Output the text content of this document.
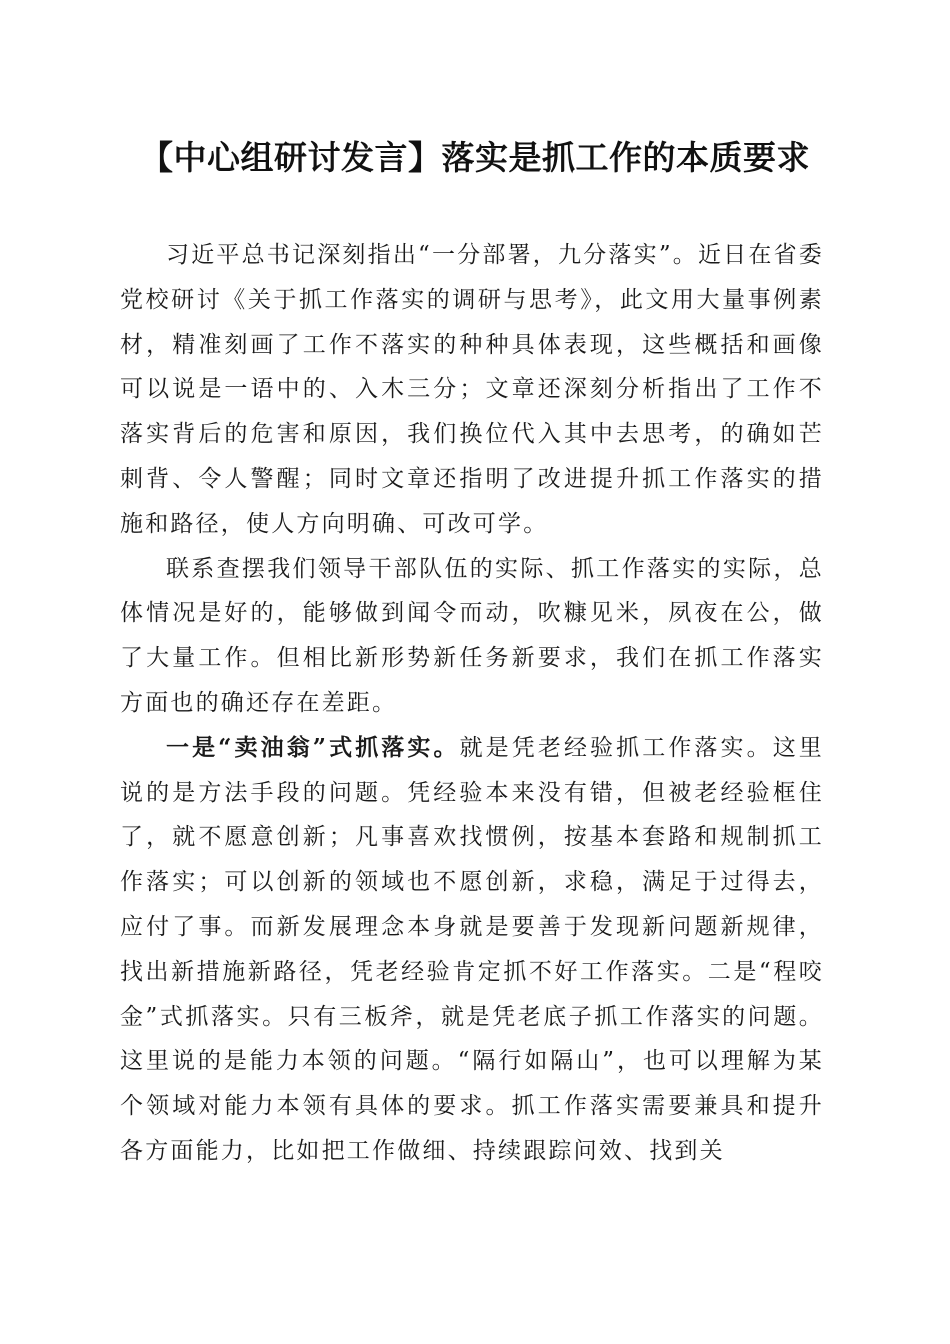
【中心组研讨发言】落实是抓工作的本质要求

习近平总书记深刻指出“一分部署，九分落实”。近日在省委党校研讨《关于抓工作落实的调研与思考》，此文用大量事例素材，精准刻画了工作不落实的种种具体表现，这些概括和画像可以说是一语中的、入木三分；文章还深刻分析指出了工作不落实背后的危害和原因，我们换位代入其中去思考，的确如芒刺背、令人警醒；同时文章还指明了改进提升抓工作落实的措施和路径，使人方向明确、可改可学。

联系查摆我们领导干部队伍的实际、抓工作落实的实际，总体情况是好的，能够做到闻令而动，吹糠见米，夙夜在公，做了大量工作。但相比新形势新任务新要求，我们在抓工作落实方面也的确还存在差距。

一是“卖油翁”式抓落实。就是凭老经验抓工作落实。这里说的是方法手段的问题。凭经验本来没有错，但被老经验框住了，就不愿意创新；凡事喜欢找惯例，按基本套路和规制抓工作落实；可以创新的领域也不愿创新，求稳，满足于过得去，应付了事。而新发展理念本身就是要善于发现新问题新规律，找出新措施新路径，凭老经验肯定抓不好工作落实。二是“程咬金”式抓落实。只有三板斧，就是凭老底子抓工作落实的问题。这里说的是能力本领的问题。“隔行如隔山”，也可以理解为某个领域对能力本领有具体的要求。抓工作落实需要兼具和提升各方面能力，比如把工作做细、持续跟踪问效、找到关
